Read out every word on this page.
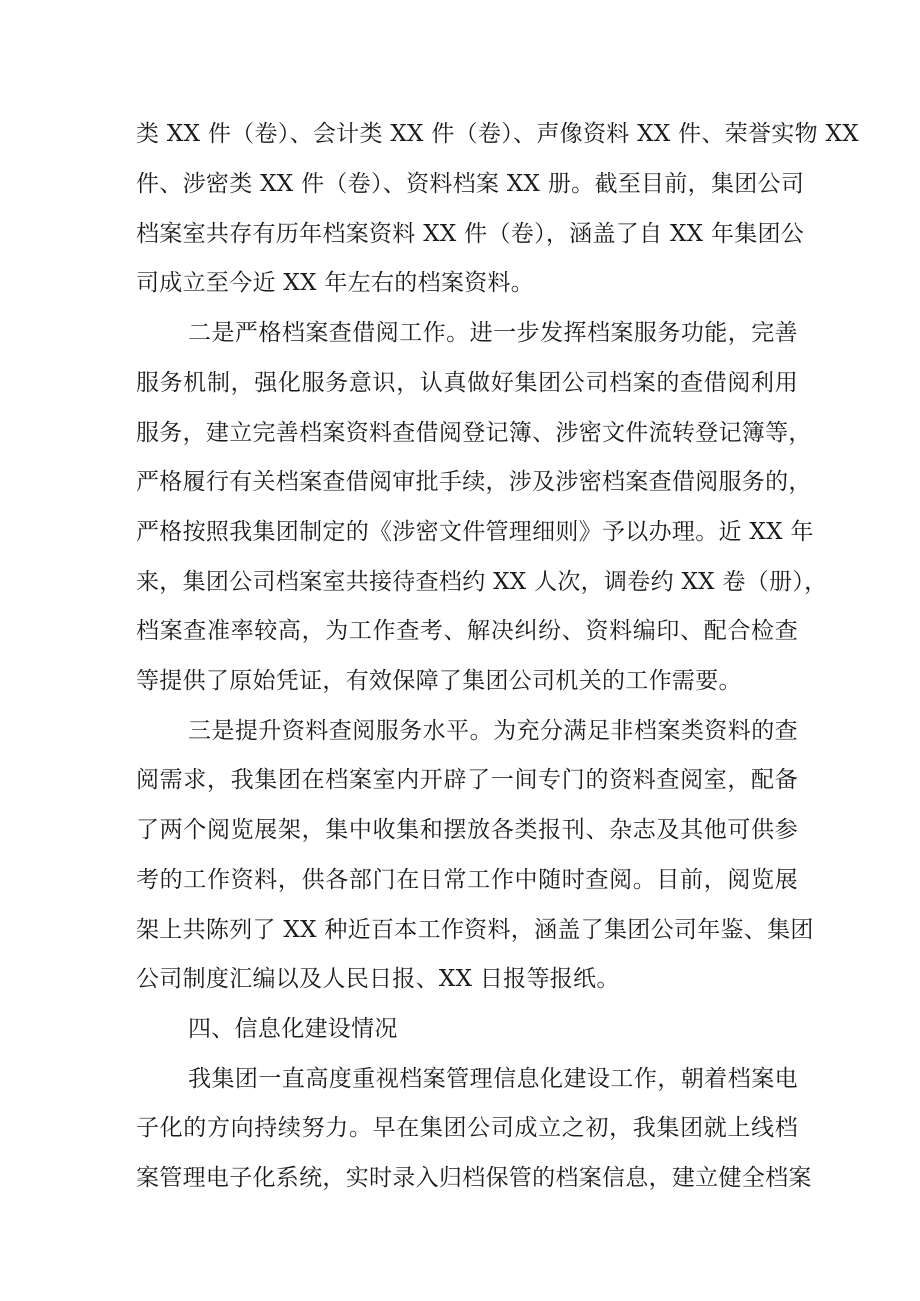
类 XX 件（卷）、会计类 XX 件（卷）、声像资料 XX 件、荣誉实物 XX
件、涉密类 XX 件（卷）、资料档案 XX 册。截至目前，集团公司
档案室共存有历年档案资料 XX 件（卷），涵盖了自 XX 年集团公
司成立至今近 XX 年左右的档案资料。
二是严格档案查借阅工作。进一步发挥档案服务功能，完善
服务机制，强化服务意识，认真做好集团公司档案的查借阅利用
服务，建立完善档案资料查借阅登记簿、涉密文件流转登记簿等，
严格履行有关档案查借阅审批手续，涉及涉密档案查借阅服务的，
严格按照我集团制定的《涉密文件管理细则》予以办理。近 XX 年
来，集团公司档案室共接待查档约 XX 人次，调卷约 XX 卷（册），
档案查准率较高，为工作查考、解决纠纷、资料编印、配合检查
等提供了原始凭证，有效保障了集团公司机关的工作需要。
三是提升资料查阅服务水平。为充分满足非档案类资料的查
阅需求，我集团在档案室内开辟了一间专门的资料查阅室，配备
了两个阅览展架，集中收集和摆放各类报刊、杂志及其他可供参
考的工作资料，供各部门在日常工作中随时查阅。目前，阅览展
架上共陈列了 XX 种近百本工作资料，涵盖了集团公司年鉴、集团
公司制度汇编以及人民日报、XX 日报等报纸。
四、信息化建设情况
我集团一直高度重视档案管理信息化建设工作，朝着档案电
子化的方向持续努力。早在集团公司成立之初，我集团就上线档
案管理电子化系统，实时录入归档保管的档案信息，建立健全档案
